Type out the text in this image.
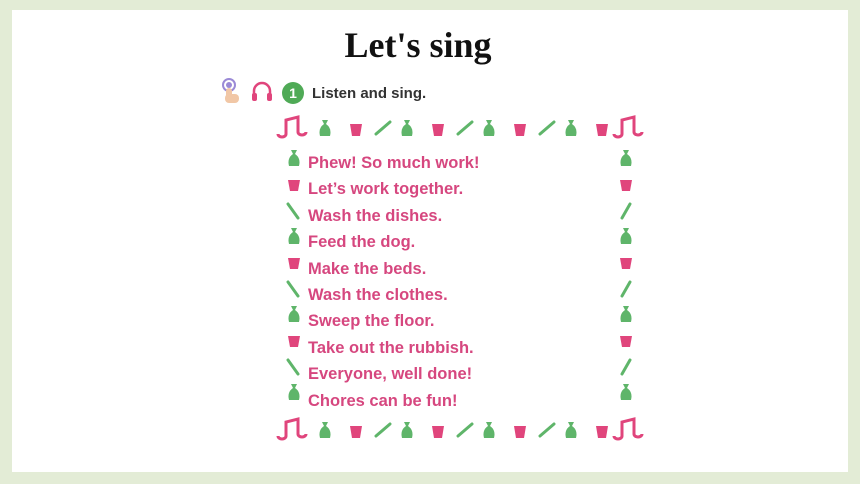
Let's sing
1	Listen and sing.
Phew! So much work!
Let’s work together.
Wash the dishes.
Feed the dog.
Make the beds.
Wash the clothes.
Sweep the floor.
Take out the rubbish.
Everyone, well done!
Chores can be fun!
